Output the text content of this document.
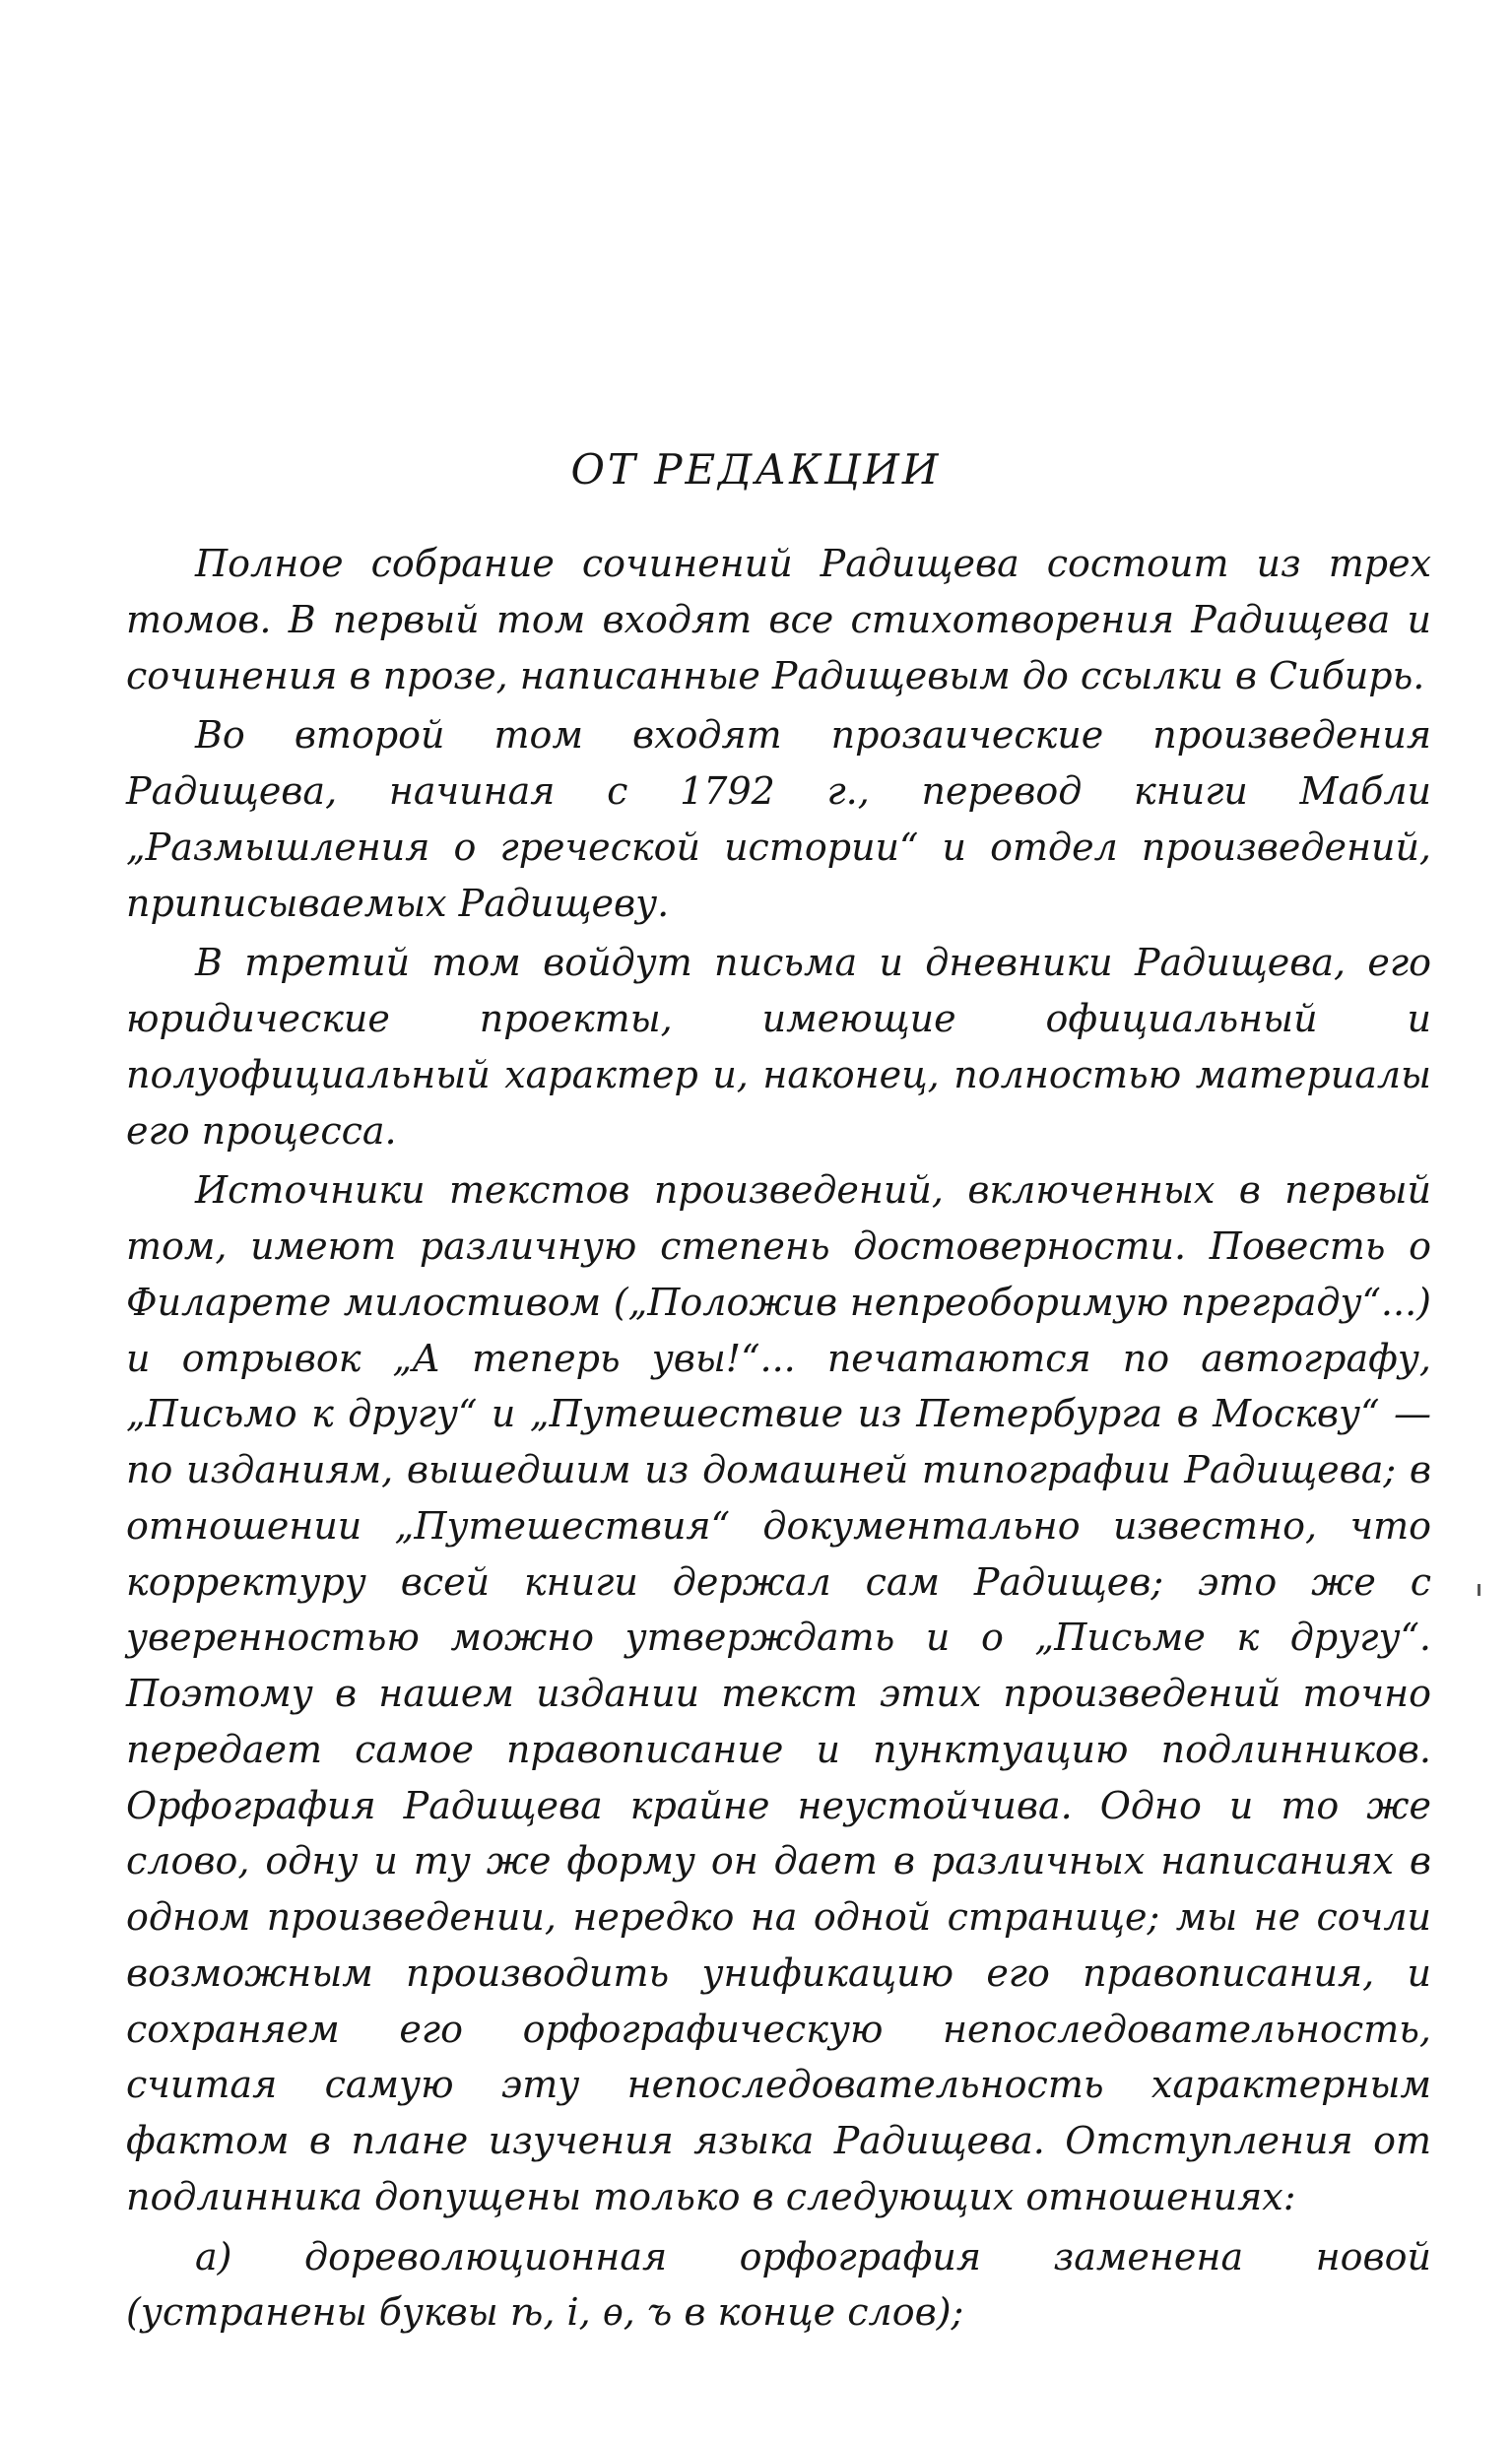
ОТ РЕДАКЦИИ

Полное собрание сочинений Радищева состоит из трех томов. В первый том входят все стихотворения Радищева и сочинения в прозе, написанные Радищевым до ссылки в Сибирь.

Во второй том входят прозаические произведения Радищева, начиная с 1792 г., перевод книги Мабли „Размышления о греческой истории“ и отдел произведений, приписываемых Радищеву.

В третий том войдут письма и дневники Радищева, его юридические проекты, имеющие официальный и полуофициальный характер и, наконец, полностью материалы его процесса.

Источники текстов произведений, включенных в первый том, имеют различную степень достоверности. Повесть о Филарете милостивом („Положив непреоборимую преграду“...) и отрывок „А теперь увы!“... печатаются по автографу, „Письмо к другу“ и „Путешествие из Петербурга в Москву“ — по изданиям, вышедшим из домашней типографии Радищева; в отношении „Путешествия“ документально известно, что корректуру всей книги держал сам Радищев; это же с уверенностью можно утверждать и о „Письме к другу“. Поэтому в нашем издании текст этих произведений точно передает самое правописание и пунктуацию подлинников. Орфография Радищева крайне неустойчива. Одно и то же слово, одну и ту же форму он дает в различных написаниях в одном произведении, нередко на одной странице; мы не сочли возможным производить унификацию его правописания, и сохраняем его орфографическую непоследовательность, считая самую эту непоследовательность характерным фактом в плане изучения языка Радищева. Отступления от подлинника допущены только в следующих отношениях:

а) дореволюционная орфография заменена новой (устранены буквы ѣ, і, ѳ, ъ в конце слов);
